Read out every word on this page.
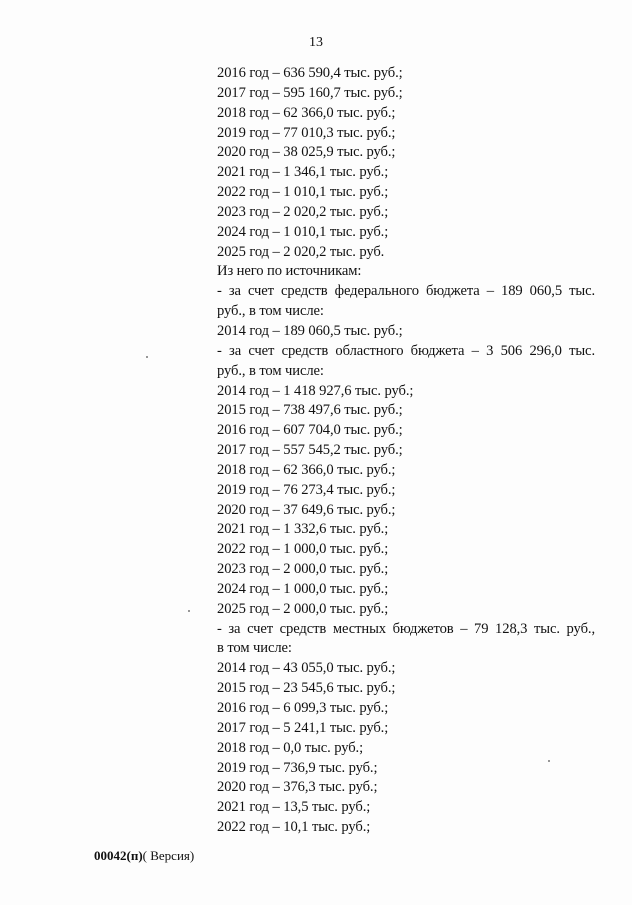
13
2016 год – 636 590,4 тыс. руб.;
2017 год – 595 160,7 тыс. руб.;
2018 год – 62 366,0 тыс. руб.;
2019 год – 77 010,3 тыс. руб.;
2020 год – 38 025,9 тыс. руб.;
2021 год – 1 346,1 тыс. руб.;
2022 год – 1 010,1 тыс. руб.;
2023 год – 2 020,2 тыс. руб.;
2024 год – 1 010,1 тыс. руб.;
2025 год – 2 020,2 тыс. руб.
Из него по источникам:
- за счет средств федерального бюджета – 189 060,5 тыс.
руб., в том числе:
2014 год – 189 060,5 тыс. руб.;
- за счет средств областного бюджета – 3 506 296,0 тыс.
руб., в том числе:
2014 год – 1 418 927,6 тыс. руб.;
2015 год – 738 497,6 тыс. руб.;
2016 год – 607 704,0 тыс. руб.;
2017 год – 557 545,2 тыс. руб.;
2018 год – 62 366,0 тыс. руб.;
2019 год – 76 273,4 тыс. руб.;
2020 год – 37 649,6 тыс. руб.;
2021 год – 1 332,6 тыс. руб.;
2022 год – 1 000,0 тыс. руб.;
2023 год – 2 000,0 тыс. руб.;
2024 год – 1 000,0 тыс. руб.;
2025 год – 2 000,0 тыс. руб.;
- за счет средств местных бюджетов – 79 128,3 тыс. руб.,
в том числе:
2014 год – 43 055,0 тыс. руб.;
2015 год – 23 545,6 тыс. руб.;
2016 год – 6 099,3 тыс. руб.;
2017 год – 5 241,1 тыс. руб.;
2018 год – 0,0 тыс. руб.;
2019 год – 736,9 тыс. руб.;
2020 год – 376,3 тыс. руб.;
2021 год – 13,5 тыс. руб.;
2022 год – 10,1 тыс. руб.;
00042(п)( Версия)
